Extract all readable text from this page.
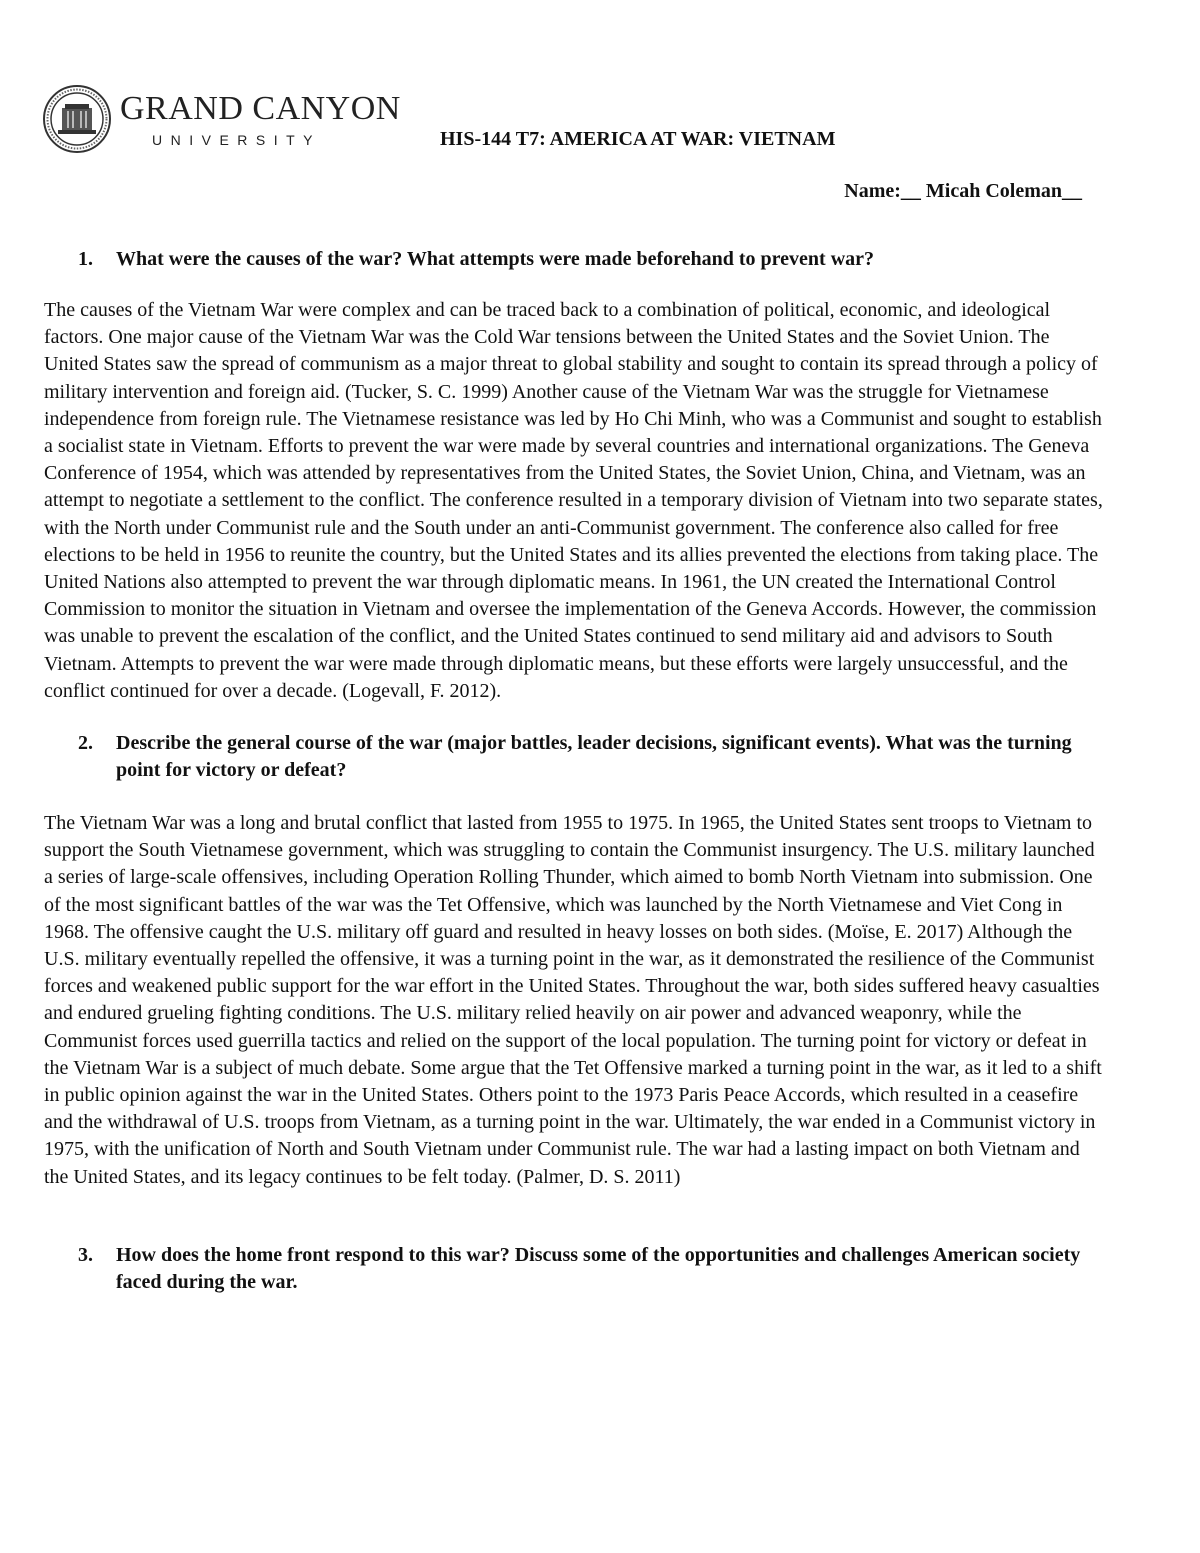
GRAND CANYON
UNIVERSITY	HIS-144 T7: AMERICA AT WAR: VIETNAM
Name:__ Micah Coleman__

1. What were the causes of the war? What attempts were made beforehand to prevent war?

The causes of the Vietnam War were complex and can be traced back to a combination of political, economic, and ideological factors. One major cause of the Vietnam War was the Cold War tensions between the United States and the Soviet Union. The United States saw the spread of communism as a major threat to global stability and sought to contain its spread through a policy of military intervention and foreign aid. (Tucker, S. C. 1999) Another cause of the Vietnam War was the struggle for Vietnamese independence from foreign rule. The Vietnamese resistance was led by Ho Chi Minh, who was a Communist and sought to establish a socialist state in Vietnam. Efforts to prevent the war were made by several countries and international organizations. The Geneva Conference of 1954, which was attended by representatives from the United States, the Soviet Union, China, and Vietnam, was an attempt to negotiate a settlement to the conflict. The conference resulted in a temporary division of Vietnam into two separate states, with the North under Communist rule and the South under an anti-Communist government. The conference also called for free elections to be held in 1956 to reunite the country, but the United States and its allies prevented the elections from taking place. The United Nations also attempted to prevent the war through diplomatic means. In 1961, the UN created the International Control Commission to monitor the situation in Vietnam and oversee the implementation of the Geneva Accords. However, the commission was unable to prevent the escalation of the conflict, and the United States continued to send military aid and advisors to South Vietnam. Attempts to prevent the war were made through diplomatic means, but these efforts were largely unsuccessful, and the conflict continued for over a decade. (Logevall, F. 2012).

2. Describe the general course of the war (major battles, leader decisions, significant events). What was the turning point for victory or defeat?

The Vietnam War was a long and brutal conflict that lasted from 1955 to 1975. In 1965, the United States sent troops to Vietnam to support the South Vietnamese government, which was struggling to contain the Communist insurgency. The U.S. military launched a series of large-scale offensives, including Operation Rolling Thunder, which aimed to bomb North Vietnam into submission. One of the most significant battles of the war was the Tet Offensive, which was launched by the North Vietnamese and Viet Cong in 1968. The offensive caught the U.S. military off guard and resulted in heavy losses on both sides. (Moïse, E. 2017) Although the U.S. military eventually repelled the offensive, it was a turning point in the war, as it demonstrated the resilience of the Communist forces and weakened public support for the war effort in the United States. Throughout the war, both sides suffered heavy casualties and endured grueling fighting conditions. The U.S. military relied heavily on air power and advanced weaponry, while the Communist forces used guerrilla tactics and relied on the support of the local population. The turning point for victory or defeat in the Vietnam War is a subject of much debate. Some argue that the Tet Offensive marked a turning point in the war, as it led to a shift in public opinion against the war in the United States. Others point to the 1973 Paris Peace Accords, which resulted in a ceasefire and the withdrawal of U.S. troops from Vietnam, as a turning point in the war. Ultimately, the war ended in a Communist victory in 1975, with the unification of North and South Vietnam under Communist rule. The war had a lasting impact on both Vietnam and the United States, and its legacy continues to be felt today. (Palmer, D. S. 2011)

3. How does the home front respond to this war? Discuss some of the opportunities and challenges American society faced during the war.
